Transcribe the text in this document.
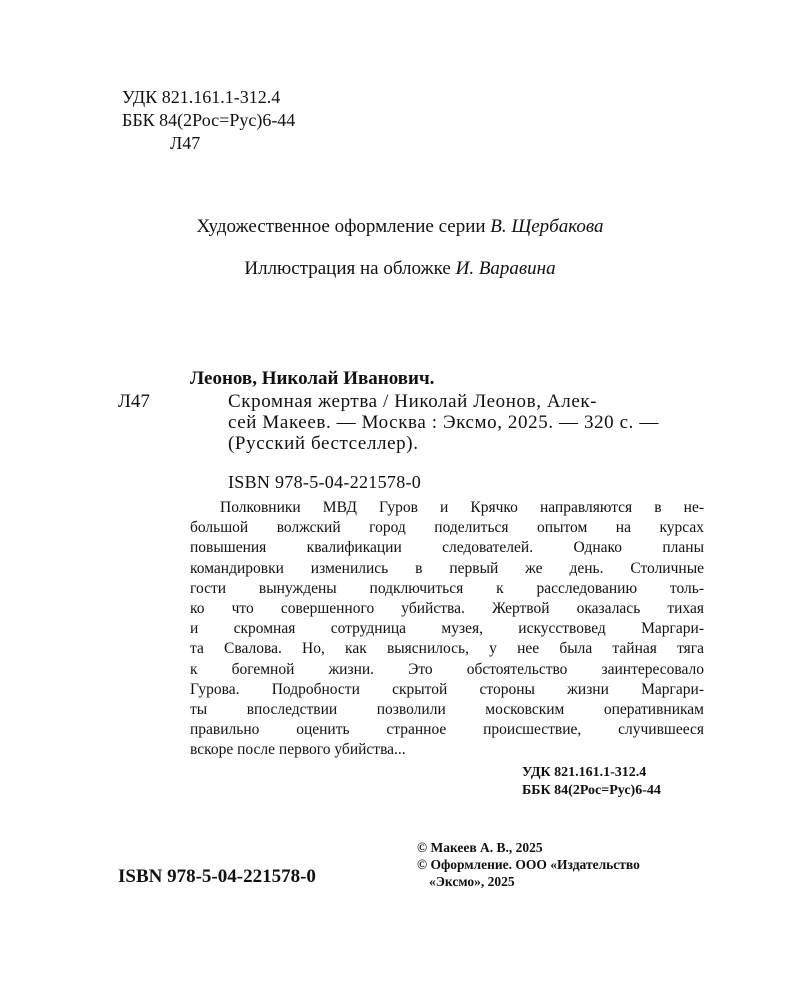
УДК 821.161.1-312.4
ББК 84(2Рос=Рус)6-44
Л47
Художественное оформление серии В. Щербакова
Иллюстрация на обложке И. Варавина
Леонов, Николай Иванович.
Л47	Скромная жертва / Николай Леонов, Алек-
сей Макеев. — Москва : Эксмо, 2025. — 320 с. —
(Русский бестселлер).
ISBN 978-5-04-221578-0
Полковники МВД Гуров и Крячко направляются в не-
большой волжский город поделиться опытом на курсах
повышения квалификации следователей. Однако планы
командировки изменились в первый же день. Столичные
гости вынуждены подключиться к расследованию толь-
ко что совершенного убийства. Жертвой оказалась тихая
и скромная сотрудница музея, искусствовед Маргари-
та Свалова. Но, как выяснилось, у нее была тайная тяга
к богемной жизни. Это обстоятельство заинтересовало
Гурова. Подробности скрытой стороны жизни Маргари-
ты впоследствии позволили московским оперативникам
правильно оценить странное происшествие, случившееся
вскоре после первого убийства...
УДК 821.161.1-312.4
ББК 84(2Рос=Рус)6-44
ISBN 978-5-04-221578-0
© Макеев А. В., 2025
© Оформление. ООО «Издательство
«Эксмо», 2025
